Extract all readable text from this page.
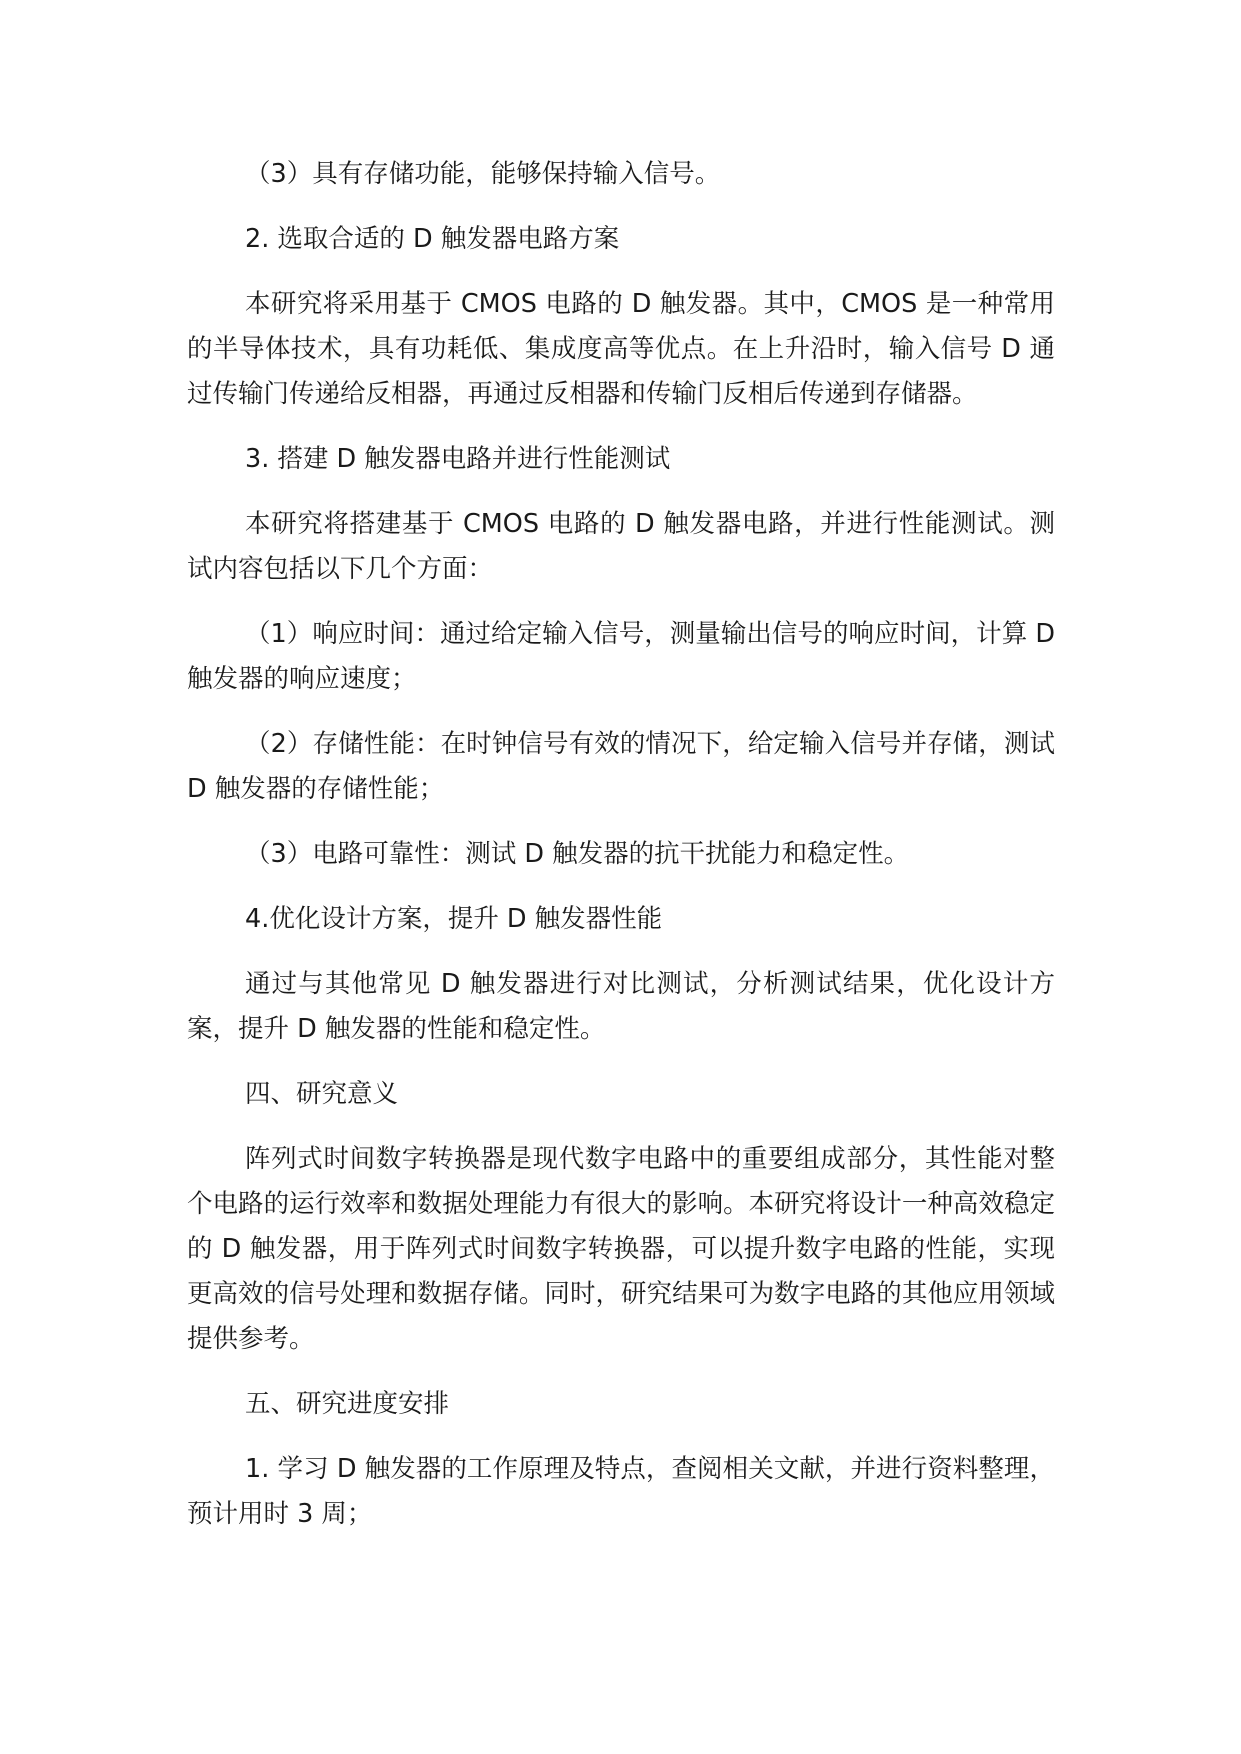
（3）具有存储功能，能够保持输入信号。

2. 选取合适的 D 触发器电路方案

本研究将采用基于 CMOS 电路的 D 触发器。其中，CMOS 是一种常用的半导体技术，具有功耗低、集成度高等优点。在上升沿时，输入信号 D 通过传输门传递给反相器，再通过反相器和传输门反相后传递到存储器。

3. 搭建 D 触发器电路并进行性能测试

本研究将搭建基于 CMOS 电路的 D 触发器电路，并进行性能测试。测试内容包括以下几个方面：

（1）响应时间：通过给定输入信号，测量输出信号的响应时间，计算 D 触发器的响应速度；

（2）存储性能：在时钟信号有效的情况下，给定输入信号并存储，测试 D 触发器的存储性能；

（3）电路可靠性：测试 D 触发器的抗干扰能力和稳定性。

4.优化设计方案，提升 D 触发器性能

通过与其他常见 D 触发器进行对比测试，分析测试结果，优化设计方案，提升 D 触发器的性能和稳定性。

四、研究意义

阵列式时间数字转换器是现代数字电路中的重要组成部分，其性能对整个电路的运行效率和数据处理能力有很大的影响。本研究将设计一种高效稳定的 D 触发器，用于阵列式时间数字转换器，可以提升数字电路的性能，实现更高效的信号处理和数据存储。同时，研究结果可为数字电路的其他应用领域提供参考。

五、研究进度安排

1. 学习 D 触发器的工作原理及特点，查阅相关文献，并进行资料整理，预计用时 3 周；
